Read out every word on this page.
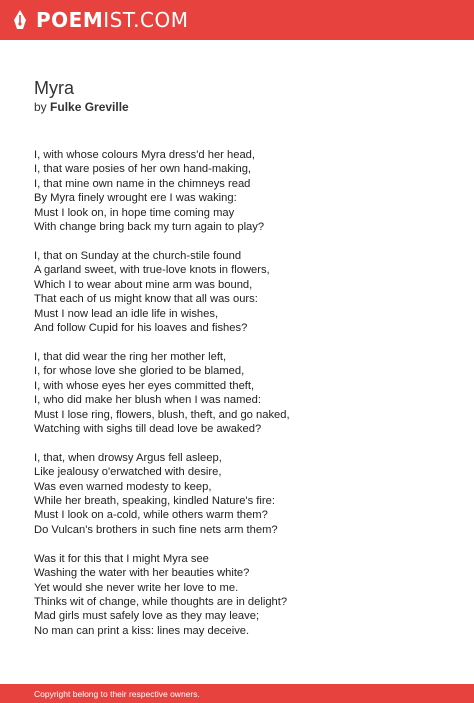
POEMIST.COM
Myra
by Fulke Greville
I, with whose colours Myra dress'd her head,
I, that ware posies of her own hand-making,
I, that mine own name in the chimneys read
By Myra finely wrought ere I was waking:
Must I look on, in hope time coming may
With change bring back my turn again to play?
I, that on Sunday at the church-stile found
A garland sweet, with true-love knots in flowers,
Which I to wear about mine arm was bound,
That each of us might know that all was ours:
Must I now lead an idle life in wishes,
And follow Cupid for his loaves and fishes?
I, that did wear the ring her mother left,
I, for whose love she gloried to be blamed,
I, with whose eyes her eyes committed theft,
I, who did make her blush when I was named:
Must I lose ring, flowers, blush, theft, and go naked,
Watching with sighs till dead love be awaked?
I, that, when drowsy Argus fell asleep,
Like jealousy o'erwatched with desire,
Was even warned modesty to keep,
While her breath, speaking, kindled Nature's fire:
Must I look on a-cold, while others warm them?
Do Vulcan's brothers in such fine nets arm them?
Was it for this that I might Myra see
Washing the water with her beauties white?
Yet would she never write her love to me.
Thinks wit of change, while thoughts are in delight?
Mad girls must safely love as they may leave;
No man can print a kiss: lines may deceive.
Copyright belong to their respective owners.
